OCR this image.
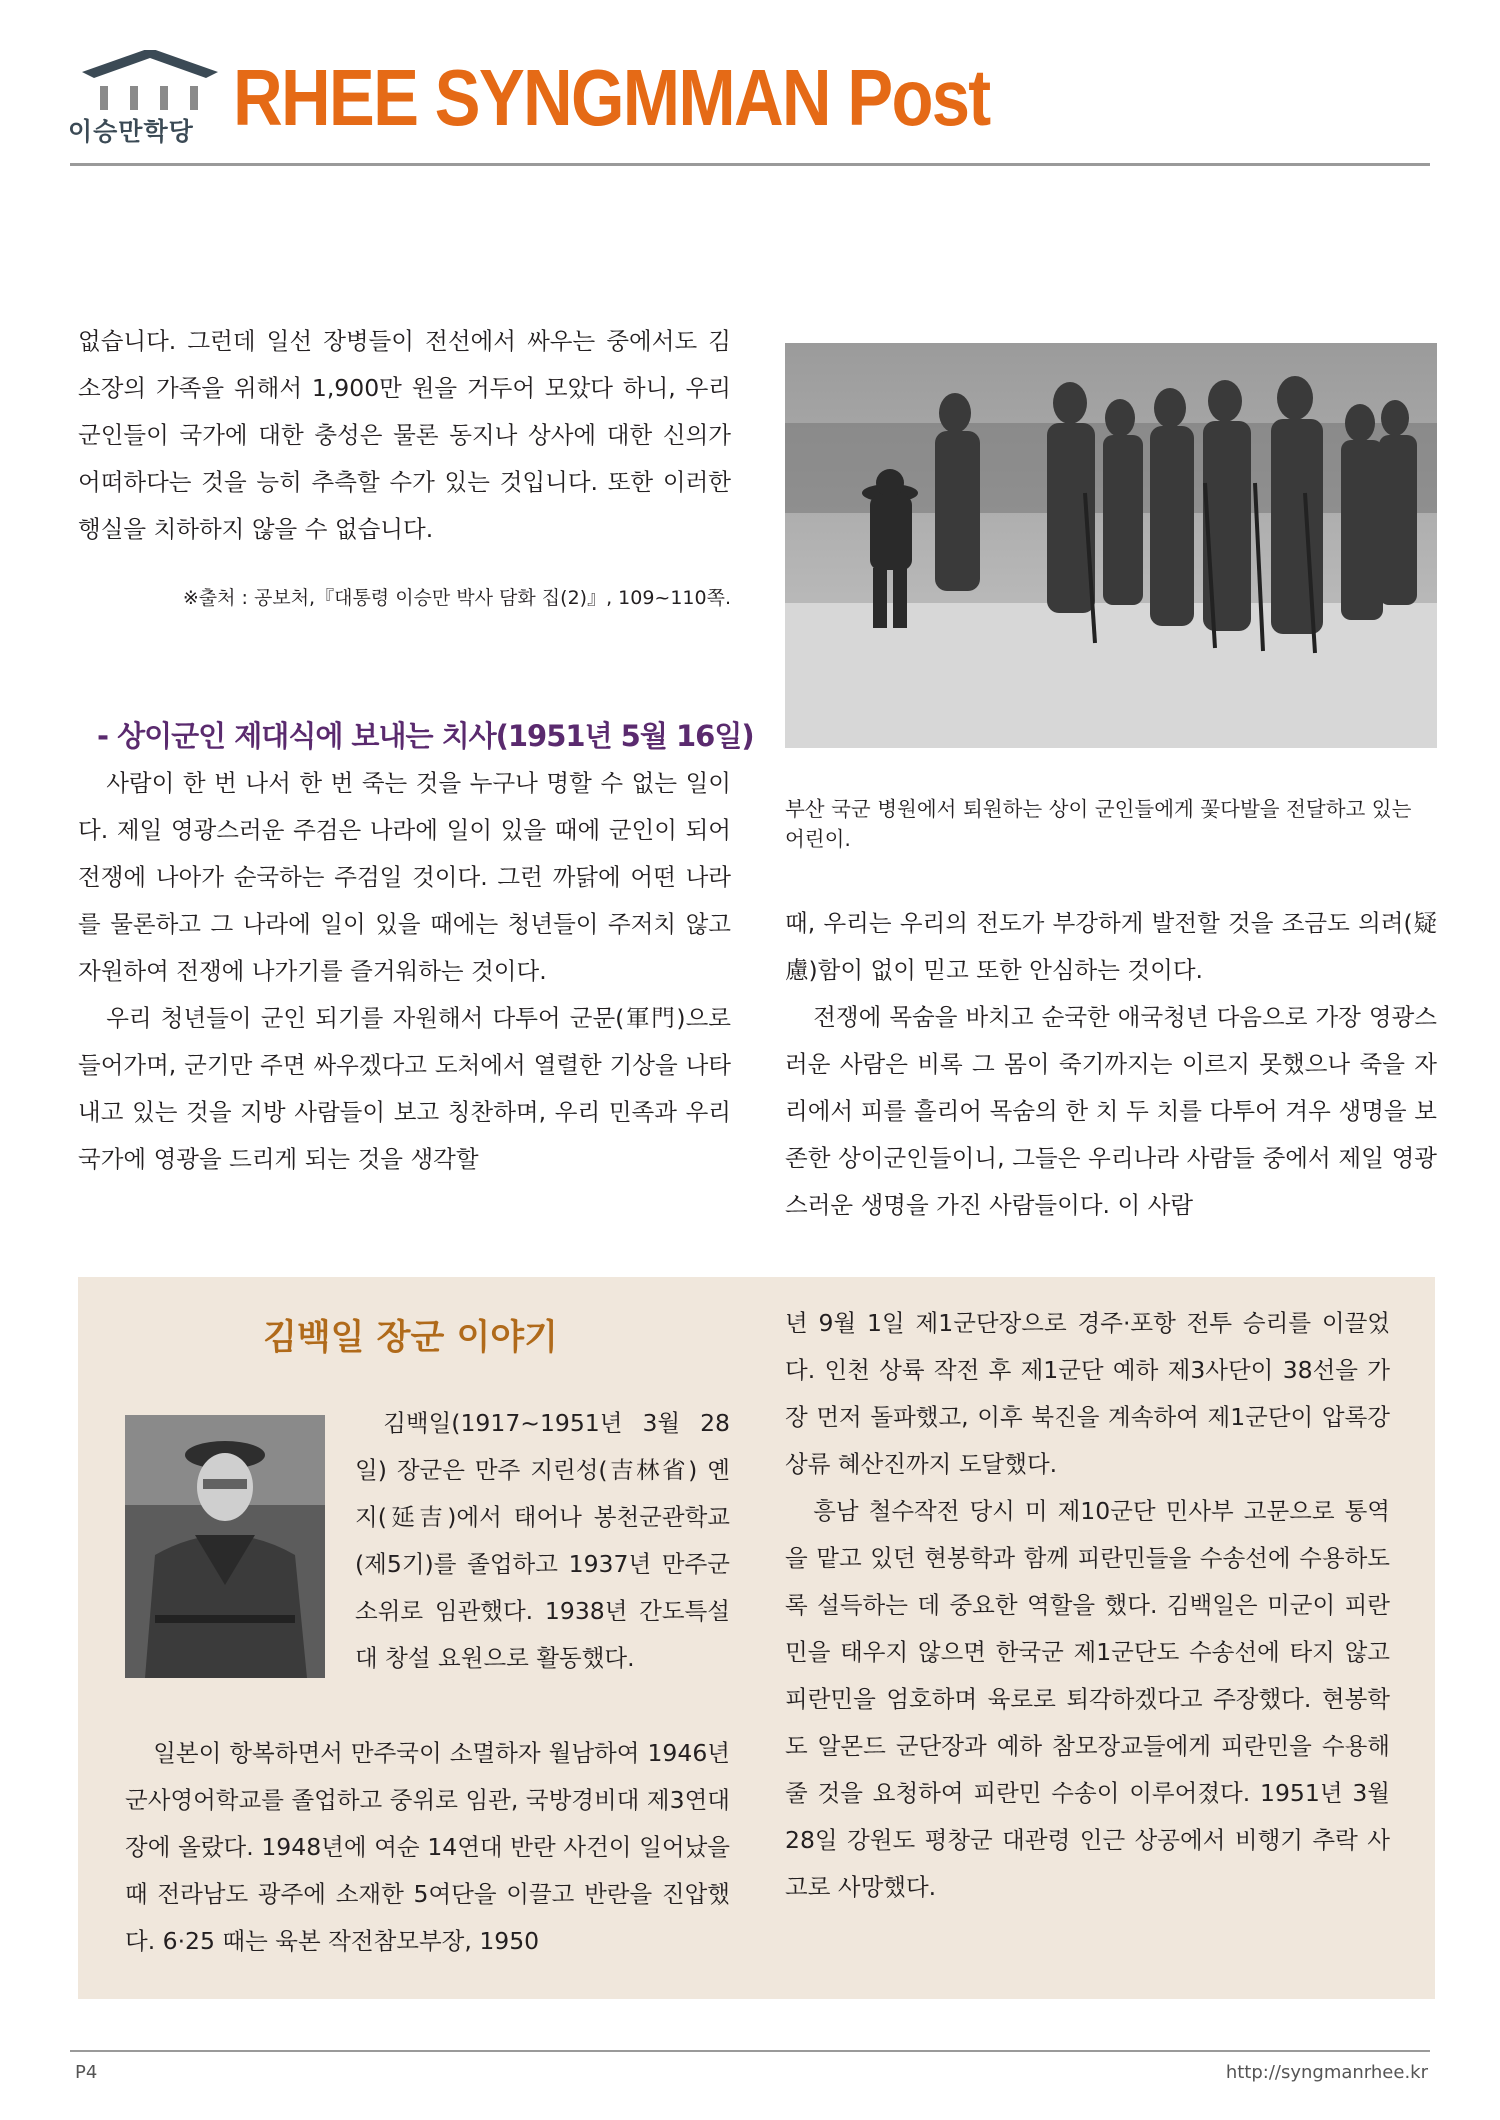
이승만학당 RHEE SYNGMMAN Post

없습니다. 그런데 일선 장병들이 전선에서 싸우는 중에서도 김 소장의 가족을 위해서 1,900만 원을 거두어 모았다 하니, 우리 군인들이 국가에 대한 충성은 물론 동지나 상사에 대한 신의가 어떠하다는 것을 능히 추측할 수가 있는 것입니다. 또한 이러한 행실을 치하하지 않을 수 없습니다.

※출처 : 공보처,『대통령 이승만 박사 담화 집(2)』, 109~110쪽.
- 상이군인 제대식에 보내는 치사(1951년 5월 16일)

사람이 한 번 나서 한 번 죽는 것을 누구나 명할 수 없는 일이다. 제일 영광스러운 주검은 나라에 일이 있을 때에 군인이 되어 전쟁에 나아가 순국하는 주검일 것이다. 그런 까닭에 어떤 나라를 물론하고 그 나라에 일이 있을 때에는 청년들이 주저치 않고 자원하여 전쟁에 나가기를 즐거워하는 것이다.

우리 청년들이 군인 되기를 자원해서 다투어 군문(軍門)으로 들어가며, 군기만 주면 싸우겠다고 도처에서 열렬한 기상을 나타내고 있는 것을 지방 사람들이 보고 칭찬하며, 우리 민족과 우리 국가에 영광을 드리게 되는 것을 생각할

부산 국군 병원에서 퇴원하는 상이 군인들에게 꽃다발을 전달하고 있는 어린이.

때, 우리는 우리의 전도가 부강하게 발전할 것을 조금도 의려(疑慮)함이 없이 믿고 또한 안심하는 것이다.

전쟁에 목숨을 바치고 순국한 애국청년 다음으로 가장 영광스러운 사람은 비록 그 몸이 죽기까지는 이르지 못했으나 죽을 자리에서 피를 흘리어 목숨의 한 치 두 치를 다투어 겨우 생명을 보존한 상이군인들이니, 그들은 우리나라 사람들 중에서 제일 영광스러운 생명을 가진 사람들이다. 이 사람

김백일 장군 이야기

김백일(1917~1951년 3월 28일) 장군은 만주 지린성(吉林省) 옌지(延吉)에서 태어나 봉천군관학교(제5기)를 졸업하고 1937년 만주군 소위로 임관했다. 1938년 간도특설대 창설 요원으로 활동했다.

일본이 항복하면서 만주국이 소멸하자 월남하여 1946년 군사영어학교를 졸업하고 중위로 임관, 국방경비대 제3연대장에 올랐다. 1948년에 여순 14연대 반란 사건이 일어났을 때 전라남도 광주에 소재한 5여단을 이끌고 반란을 진압했다. 6·25 때는 육본 작전참모부장, 1950

년 9월 1일 제1군단장으로 경주·포항 전투 승리를 이끌었다. 인천 상륙 작전 후 제1군단 예하 제3사단이 38선을 가장 먼저 돌파했고, 이후 북진을 계속하여 제1군단이 압록강 상류 혜산진까지 도달했다.

흥남 철수작전 당시 미 제10군단 민사부 고문으로 통역을 맡고 있던 현봉학과 함께 피란민들을 수송선에 수용하도록 설득하는 데 중요한 역할을 했다. 김백일은 미군이 피란민을 태우지 않으면 한국군 제1군단도 수송선에 타지 않고 피란민을 엄호하며 육로로 퇴각하겠다고 주장했다. 현봉학도 알몬드 군단장과 예하 참모장교들에게 피란민을 수용해줄 것을 요청하여 피란민 수송이 이루어졌다. 1951년 3월 28일 강원도 평창군 대관령 인근 상공에서 비행기 추락 사고로 사망했다.

P4	http://syngmanrhee.kr
